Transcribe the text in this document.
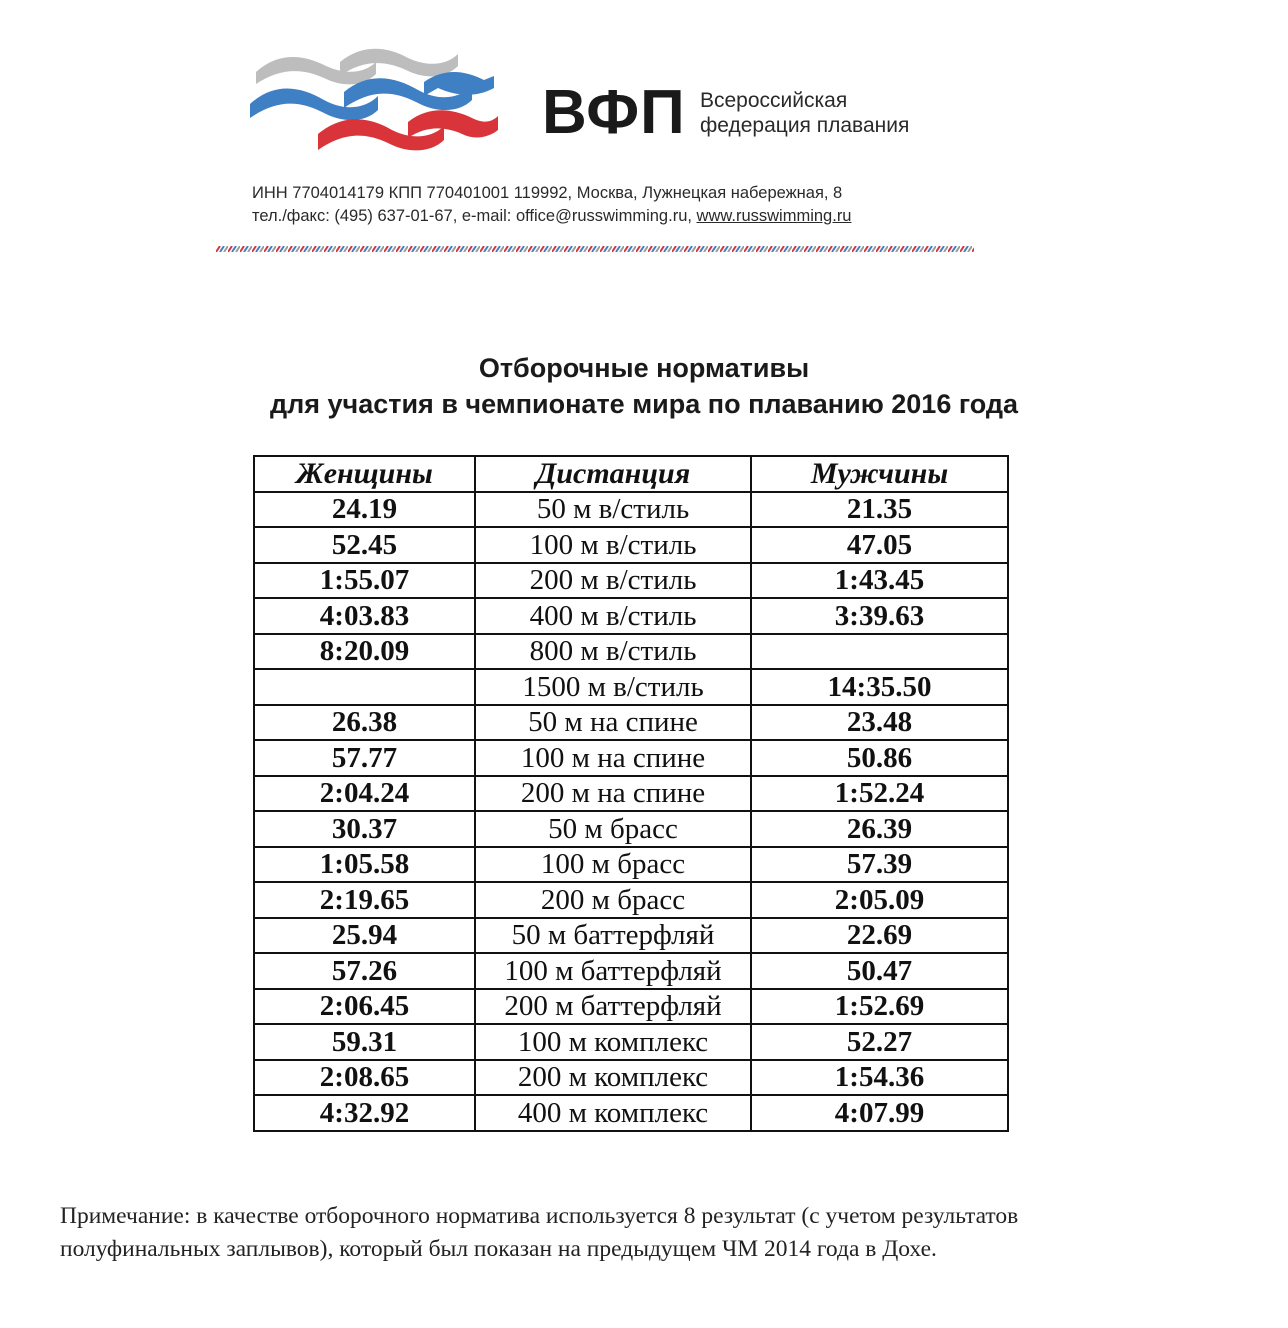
ВФП Всероссийская
федерация плавания
ИНН 7704014179 КПП 770401001 119992, Москва, Лужнецкая набережная, 8
тел./факс: (495) 637-01-67, e-mail: office@russwimming.ru, www.russwimming.ru
Отборочные нормативы
для участия в чемпионате мира по плаванию 2016 года
Женщины	Дистанция	Мужчины
24.19	50 м в/стиль	21.35
52.45	100 м в/стиль	47.05
1:55.07	200 м в/стиль	1:43.45
4:03.83	400 м в/стиль	3:39.63
8:20.09	800 м в/стиль	
	1500 м в/стиль	14:35.50
26.38	50 м на спине	23.48
57.77	100 м на спине	50.86
2:04.24	200 м на спине	1:52.24
30.37	50 м брасс	26.39
1:05.58	100 м брасс	57.39
2:19.65	200 м брасс	2:05.09
25.94	50 м баттерфляй	22.69
57.26	100 м баттерфляй	50.47
2:06.45	200 м баттерфляй	1:52.69
59.31	100 м комплекс	52.27
2:08.65	200 м комплекс	1:54.36
4:32.92	400 м комплекс	4:07.99
Примечание: в качестве отборочного норматива используется 8 результат (с учетом результатов
полуфинальных заплывов), который был показан на предыдущем ЧМ 2014 года в Дохе.
